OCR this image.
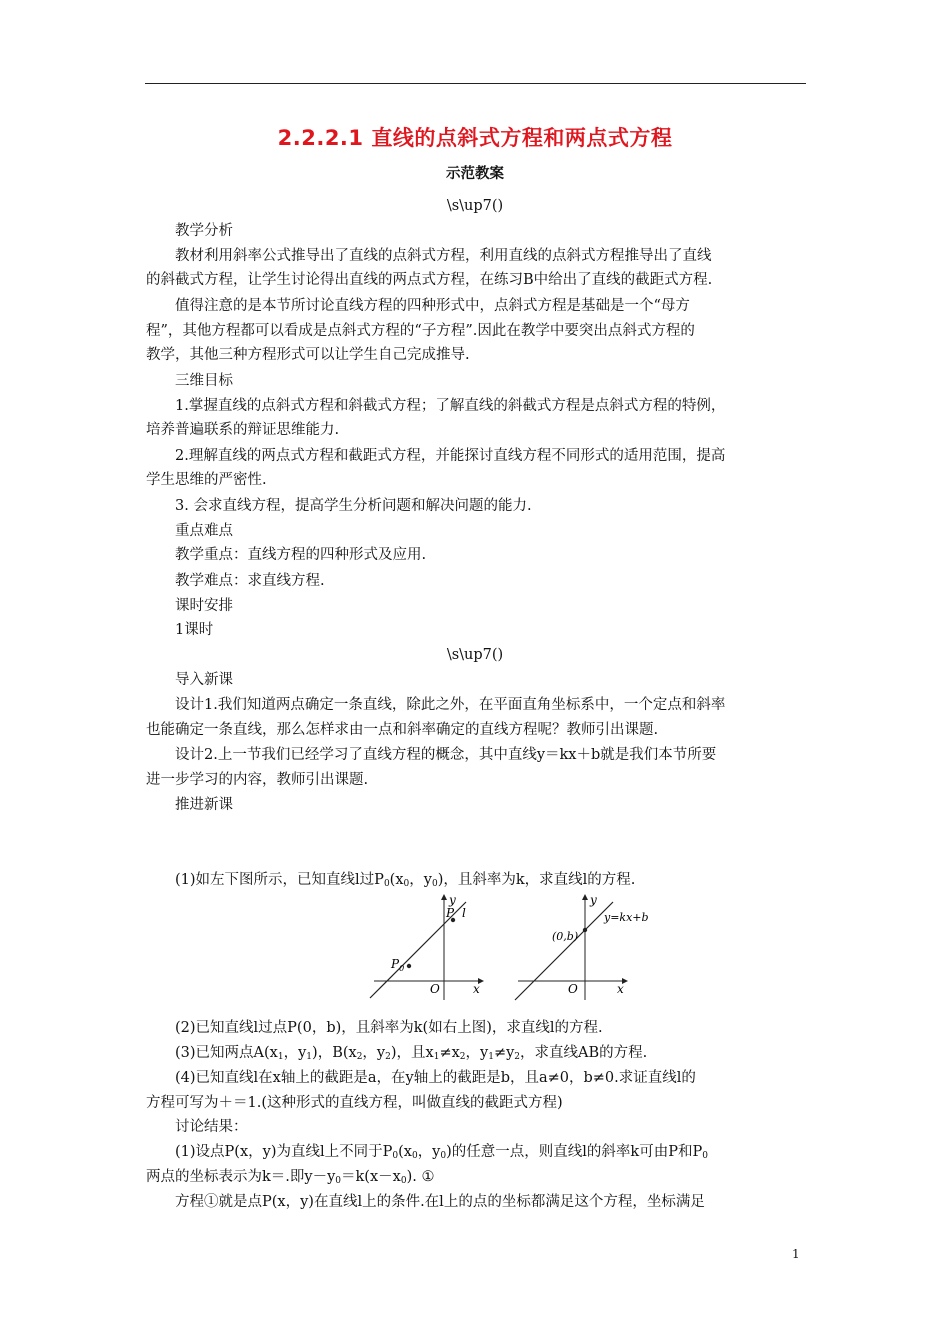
2.2.2.1 直线的点斜式方程和两点式方程
示范教案
\s\up7()
教学分析
教材利用斜率公式推导出了直线的点斜式方程，利用直线的点斜式方程推导出了直线
的斜截式方程，让学生讨论得出直线的两点式方程，在练习B中给出了直线的截距式方程.
值得注意的是本节所讨论直线方程的四种形式中，点斜式方程是基础是一个“母方
程”，其他方程都可以看成是点斜式方程的“子方程”.因此在教学中要突出点斜式方程的
教学，其他三种方程形式可以让学生自己完成推导.
三维目标
1.掌握直线的点斜式方程和斜截式方程；了解直线的斜截式方程是点斜式方程的特例，
培养普遍联系的辩证思维能力.
2.理解直线的两点式方程和截距式方程，并能探讨直线方程不同形式的适用范围，提高
学生思维的严密性.
3. 会求直线方程，提高学生分析问题和解决问题的能力.
重点难点
教学重点：直线方程的四种形式及应用.
教学难点：求直线方程.
课时安排
1课时
\s\up7()
导入新课
设计1.我们知道两点确定一条直线，除此之外，在平面直角坐标系中，一个定点和斜率
也能确定一条直线，那么怎样求由一点和斜率确定的直线方程呢？教师引出课题.
设计2.上一节我们已经学习了直线方程的概念，其中直线y＝kx＋b就是我们本节所要
进一步学习的内容，教师引出课题.
推进新课
(1)如左下图所示，已知直线l过$P_0(x_0$，$y_0$)，且斜率为k，求直线l的方程.
y
x
O
P l
$P_0$
y
x
O
(0,b)
y=kx+b
(2)已知直线l过点P(0，b)，且斜率为k(如右上图)，求直线l的方程.
(3)已知两点$A(x_1$，$y_1$)，$B(x_2$，$y_2$)，且$x_1\ne x_2$，$y_1\ne y_2$，求直线AB的方程.
(4)已知直线l在x轴上的截距是a，在y轴上的截距是b，且a≠0，b≠0.求证直线l的
方程可写为＋＝1.(这种形式的直线方程，叫做直线的截距式方程)
讨论结果：
(1)设点P(x，y)为直线l上不同于$P_0(x_0$，$y_0$)的任意一点，则直线l的斜率k可由P和$P_0$
两点的坐标表示为k＝.即$y-y_0=k(x-x_0)$. ①
方程①就是点P(x，y)在直线l上的条件.在l上的点的坐标都满足这个方程，坐标满足
1
